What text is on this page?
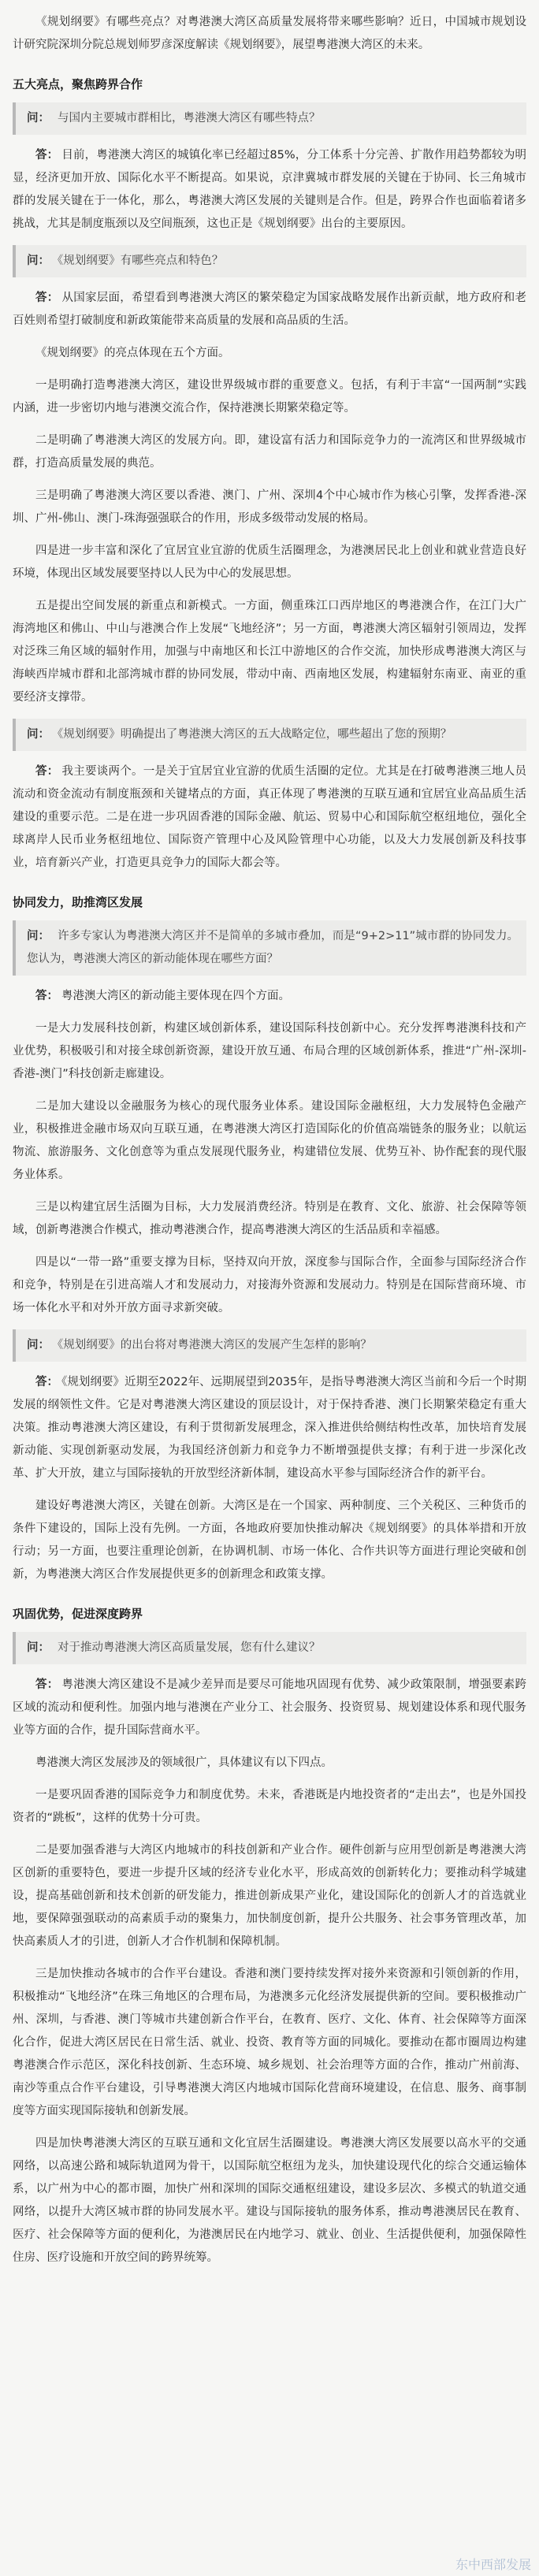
《规划纲要》有哪些亮点？对粤港澳大湾区高质量发展将带来哪些影响？近日，中国城市规划设计研究院深圳分院总规划师罗彦深度解读《规划纲要》，展望粤港澳大湾区的未来。

五大亮点，聚焦跨界合作

问： 与国内主要城市群相比，粤港澳大湾区有哪些特点？

答： 目前，粤港澳大湾区的城镇化率已经超过85%，分工体系十分完善、扩散作用趋势都较为明显，经济更加开放、国际化水平不断提高。如果说，京津冀城市群发展的关键在于协同、长三角城市群的发展关键在于一体化，那么，粤港澳大湾区发展的关键则是合作。但是，跨界合作也面临着诸多挑战，尤其是制度瓶颈以及空间瓶颈，这也正是《规划纲要》出台的主要原因。

问： 《规划纲要》有哪些亮点和特色？

答： 从国家层面，希望看到粤港澳大湾区的繁荣稳定为国家战略发展作出新贡献，地方政府和老百姓则希望打破制度和新政策能带来高质量的发展和高品质的生活。

《规划纲要》的亮点体现在五个方面。

一是明确打造粤港澳大湾区，建设世界级城市群的重要意义。包括，有利于丰富“一国两制”实践内涵，进一步密切内地与港澳交流合作，保持港澳长期繁荣稳定等。

二是明确了粤港澳大湾区的发展方向。即，建设富有活力和国际竞争力的一流湾区和世界级城市群，打造高质量发展的典范。

三是明确了粤港澳大湾区要以香港、澳门、广州、深圳4个中心城市作为核心引擎，发挥香港-深圳、广州-佛山、澳门-珠海强强联合的作用，形成多级带动发展的格局。

四是进一步丰富和深化了宜居宜业宜游的优质生活圈理念，为港澳居民北上创业和就业营造良好环境，体现出区域发展要坚持以人民为中心的发展思想。

五是提出空间发展的新重点和新模式。一方面，侧重珠江口西岸地区的粤港澳合作，在江门大广海湾地区和佛山、中山与港澳合作上发展“飞地经济”；另一方面，粤港澳大湾区辐射引领周边，发挥对泛珠三角区域的辐射作用，加强与中南地区和长江中游地区的合作交流，加快形成粤港澳大湾区与海峡西岸城市群和北部湾城市群的协同发展，带动中南、西南地区发展，构建辐射东南亚、南亚的重要经济支撑带。

问： 《规划纲要》明确提出了粤港澳大湾区的五大战略定位，哪些超出了您的预期？

答： 我主要谈两个。一是关于宜居宜业宜游的优质生活圈的定位。尤其是在打破粤港澳三地人员流动和资金流动有制度瓶颈和关键堵点的方面，真正体现了粤港澳的互联互通和宜居宜业高品质生活建设的重要示范。二是在进一步巩固香港的国际金融、航运、贸易中心和国际航空枢纽地位，强化全球离岸人民币业务枢纽地位、国际资产管理中心及风险管理中心功能，以及大力发展创新及科技事业，培育新兴产业，打造更具竞争力的国际大都会等。

协同发力，助推湾区发展

问： 许多专家认为粤港澳大湾区并不是简单的多城市叠加，而是“9+2>11”城市群的协同发力。您认为，粤港澳大湾区的新动能体现在哪些方面？

答： 粤港澳大湾区的新动能主要体现在四个方面。

一是大力发展科技创新，构建区域创新体系，建设国际科技创新中心。充分发挥粤港澳科技和产业优势，积极吸引和对接全球创新资源，建设开放互通、布局合理的区域创新体系，推进“广州-深圳-香港-澳门”科技创新走廊建设。

二是加大建设以金融服务为核心的现代服务业体系。建设国际金融枢纽，大力发展特色金融产业，积极推进金融市场双向互联互通，在粤港澳大湾区打造国际化的价值高端链条的服务业；以航运物流、旅游服务、文化创意等为重点发展现代服务业，构建错位发展、优势互补、协作配套的现代服务业体系。

三是以构建宜居生活圈为目标，大力发展消费经济。特别是在教育、文化、旅游、社会保障等领域，创新粤港澳合作模式，推动粤港澳合作，提高粤港澳大湾区的生活品质和幸福感。

四是以“一带一路”重要支撑为目标，坚持双向开放，深度参与国际合作，全面参与国际经济合作和竞争，特别是在引进高端人才和发展动力，对接海外资源和发展动力。特别是在国际营商环境、市场一体化水平和对外开放方面寻求新突破。

问： 《规划纲要》的出台将对粤港澳大湾区的发展产生怎样的影响？

答： 《规划纲要》近期至2022年、远期展望到2035年，是指导粤港澳大湾区当前和今后一个时期发展的纲领性文件。它是对粤港澳大湾区建设的顶层设计，对于保持香港、澳门长期繁荣稳定有重大决策。推动粤港澳大湾区建设，有利于贯彻新发展理念，深入推进供给侧结构性改革，加快培育发展新动能、实现创新驱动发展，为我国经济创新力和竞争力不断增强提供支撑；有利于进一步深化改革、扩大开放，建立与国际接轨的开放型经济新体制，建设高水平参与国际经济合作的新平台。

建设好粤港澳大湾区，关键在创新。大湾区是在一个国家、两种制度、三个关税区、三种货币的条件下建设的，国际上没有先例。一方面，各地政府要加快推动解决《规划纲要》的具体举措和开放行动；另一方面，也要注重理论创新，在协调机制、市场一体化、合作共识等方面进行理论突破和创新，为粤港澳大湾区合作发展提供更多的创新理念和政策支撑。

巩固优势，促进深度跨界

问： 对于推动粤港澳大湾区高质量发展，您有什么建议？

答： 粤港澳大湾区建设不是减少差异而是要尽可能地巩固现有优势、减少政策限制，增强要素跨区域的流动和便利性。加强内地与港澳在产业分工、社会服务、投资贸易、规划建设体系和现代服务业等方面的合作，提升国际营商水平。

粤港澳大湾区发展涉及的领域很广，具体建议有以下四点。

一是要巩固香港的国际竞争力和制度优势。未来，香港既是内地投资者的“走出去”，也是外国投资者的“跳板”，这样的优势十分可贵。

二是要加强香港与大湾区内地城市的科技创新和产业合作。硬件创新与应用型创新是粤港澳大湾区创新的重要特色，要进一步提升区域的经济专业化水平，形成高效的创新转化力；要推动科学城建设，提高基础创新和技术创新的研发能力，推进创新成果产业化，建设国际化的创新人才的首选就业地，要保障强强联动的高素质手动的聚集力，加快制度创新，提升公共服务、社会事务管理改革，加快高素质人才的引进，创新人才合作机制和保障机制。

三是加快推动各城市的合作平台建设。香港和澳门要持续发挥对接外来资源和引领创新的作用，积极推动“飞地经济”在珠三角地区的合理布局，为港澳多元化经济发展提供新的空间。要积极推动广州、深圳，与香港、澳门等城市共建创新合作平台，在教育、医疗、文化、体育、社会保障等方面深化合作，促进大湾区居民在日常生活、就业、投资、教育等方面的同城化。要推动在都市圈周边构建粤港澳合作示范区，深化科技创新、生态环境、城乡规划、社会治理等方面的合作，推动广州前海、南沙等重点合作平台建设，引导粤港澳大湾区内地城市国际化营商环境建设，在信息、服务、商事制度等方面实现国际接轨和创新发展。

四是加快粤港澳大湾区的互联互通和文化宜居生活圈建设。粤港澳大湾区发展要以高水平的交通网络，以高速公路和城际轨道网为骨干，以国际航空枢纽为龙头，加快建设现代化的综合交通运输体系，以广州为中心的都市圈，加快广州和深圳的国际交通枢纽建设，建设多层次、多模式的轨道交通网络，以提升大湾区城市群的协同发展水平。建设与国际接轨的服务体系，推动粤港澳居民在教育、医疗、社会保障等方面的便利化，为港澳居民在内地学习、就业、创业、生活提供便利，加强保障性住房、医疗设施和开放空间的跨界统筹。

东中西部发展
